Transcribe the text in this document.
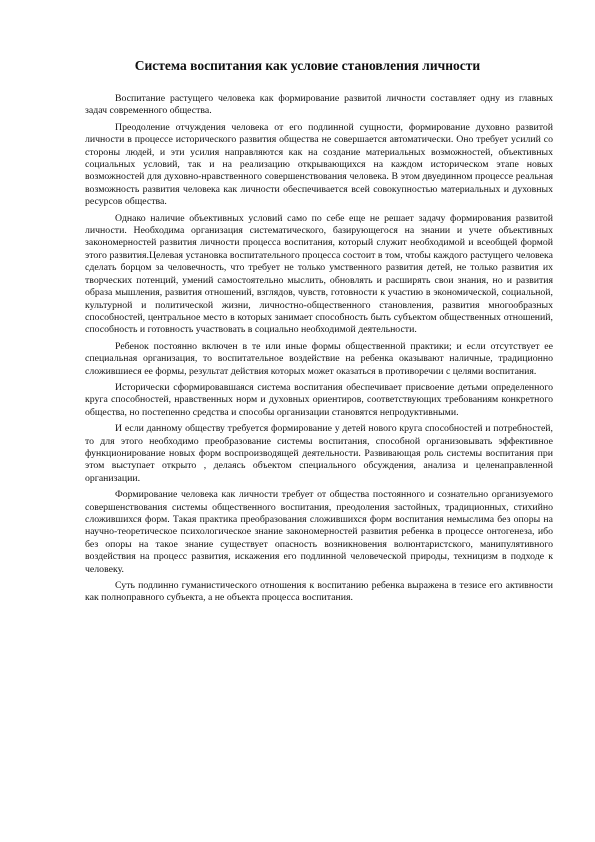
Система воспитания как условие становления личности

Воспитание растущего человека как формирование развитой личности составляет одну из главных задач современного общества.

Преодоление отчуждения человека от его подлинной сущности, формирование духовно развитой личности в процессе исторического развития общества не совершается автоматически. Оно требует усилий со стороны людей, и эти усилия направляются как на создание материальных возможностей, объективных социальных условий, так и на реализацию открывающихся на каждом историческом этапе новых возможностей для духовно-нравственного совершенствования человека. В этом двуединном процессе реальная возможность развития человека как личности обеспечивается всей совокупностью материальных и духовных ресурсов общества.

Однако наличие объективных условий само по себе еще не решает задачу формирования развитой личности. Необходима организация систематического, базирующегося на знании и учете объективных закономерностей развития личности процесса воспитания, который служит необходимой и всеобщей формой этого развития.Целевая установка воспитательного процесса состоит в том, чтобы каждого растущего человека сделать борцом за человечность, что требует не только умственного развития детей, не только развития их творческих потенций, умений самостоятельно мыслить, обновлять и расширять свои знания, но и развития образа мышления, развития отношений, взглядов, чувств, готовности к участию в экономической, социальной, культурной и политической жизни, личностно-общественного становления, развития многообразных способностей, центральное место в которых занимает способность быть субъектом общественных отношений, способность и готовность участвовать в социально необходимой деятельности.

Ребенок постоянно включен в те или иные формы общественной практики; и если отсутствует ее специальная организация, то воспитательное воздействие на ребенка оказывают наличные, традиционно сложившиеся ее формы, результат действия которых может оказаться в противоречии с целями воспитания.

Исторически сформировавшаяся система воспитания обеспечивает присвоение детьми определенного круга способностей, нравственных норм и духовных ориентиров, соответствующих требованиям конкретного общества, но постепенно средства и способы организации становятся непродуктивными.

И если данному обществу требуется формирование у детей нового круга способностей и потребностей, то для этого необходимо преобразование системы воспитания, способной организовывать эффективное функционирование новых форм воспроизводящей деятельности. Развивающая роль системы воспитания при этом выступает открыто , делаясь объектом специального обсуждения, анализа и целенаправленной организации.

Формирование человека как личности требует от общества постоянного и сознательно организуемого совершенствования системы общественного воспитания, преодоления застойных, традиционных, стихийно сложившихся форм. Такая практика преобразования сложившихся форм воспитания немыслима без опоры на научно-теоретическое психологическое знание закономерностей развития ребенка в процессе онтогенеза, ибо без опоры на такое знание существует опасность возникновения волюнтаристского, манипулятивного воздействия на процесс развития, искажения его подлинной человеческой природы, техницизм в подходе к человеку.

Суть подлинно гуманистического отношения к воспитанию ребенка выражена в тезисе его активности как полноправного субъекта, а не объекта процесса воспитания.
